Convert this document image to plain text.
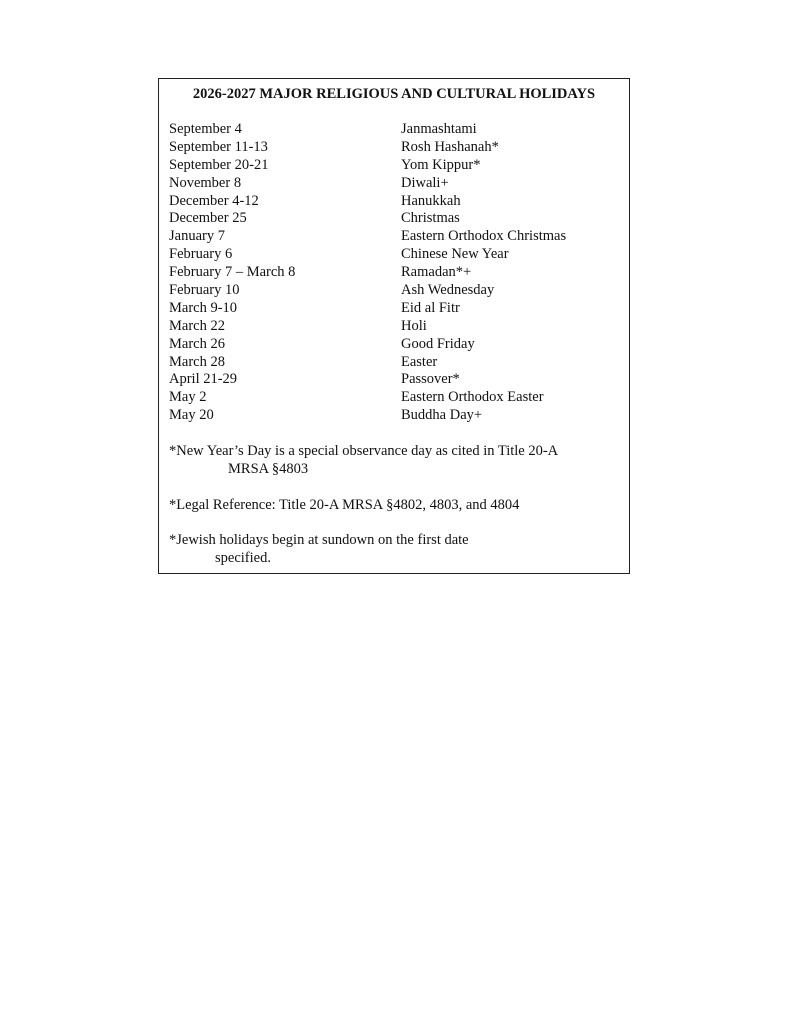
2026-2027 MAJOR RELIGIOUS AND CULTURAL HOLIDAYS
September 4	Janmashtami
September 11-13	Rosh Hashanah*
September 20-21	Yom Kippur*
November 8	Diwali+
December 4-12	Hanukkah
December 25	Christmas
January 7	Eastern Orthodox Christmas
February 6	Chinese New Year
February 7 – March 8	Ramadan*+
February 10	Ash Wednesday
March 9-10	Eid al Fitr
March 22	Holi
March 26	Good Friday
March 28	Easter
April 21-29	Passover*
May 2	Eastern Orthodox Easter
May 20	Buddha Day+
*New Year’s Day is a special observance day as cited in Title 20-A
MRSA §4803
*Legal Reference: Title 20-A MRSA §4802, 4803, and 4804
*Jewish holidays begin at sundown on the first date
specified.
